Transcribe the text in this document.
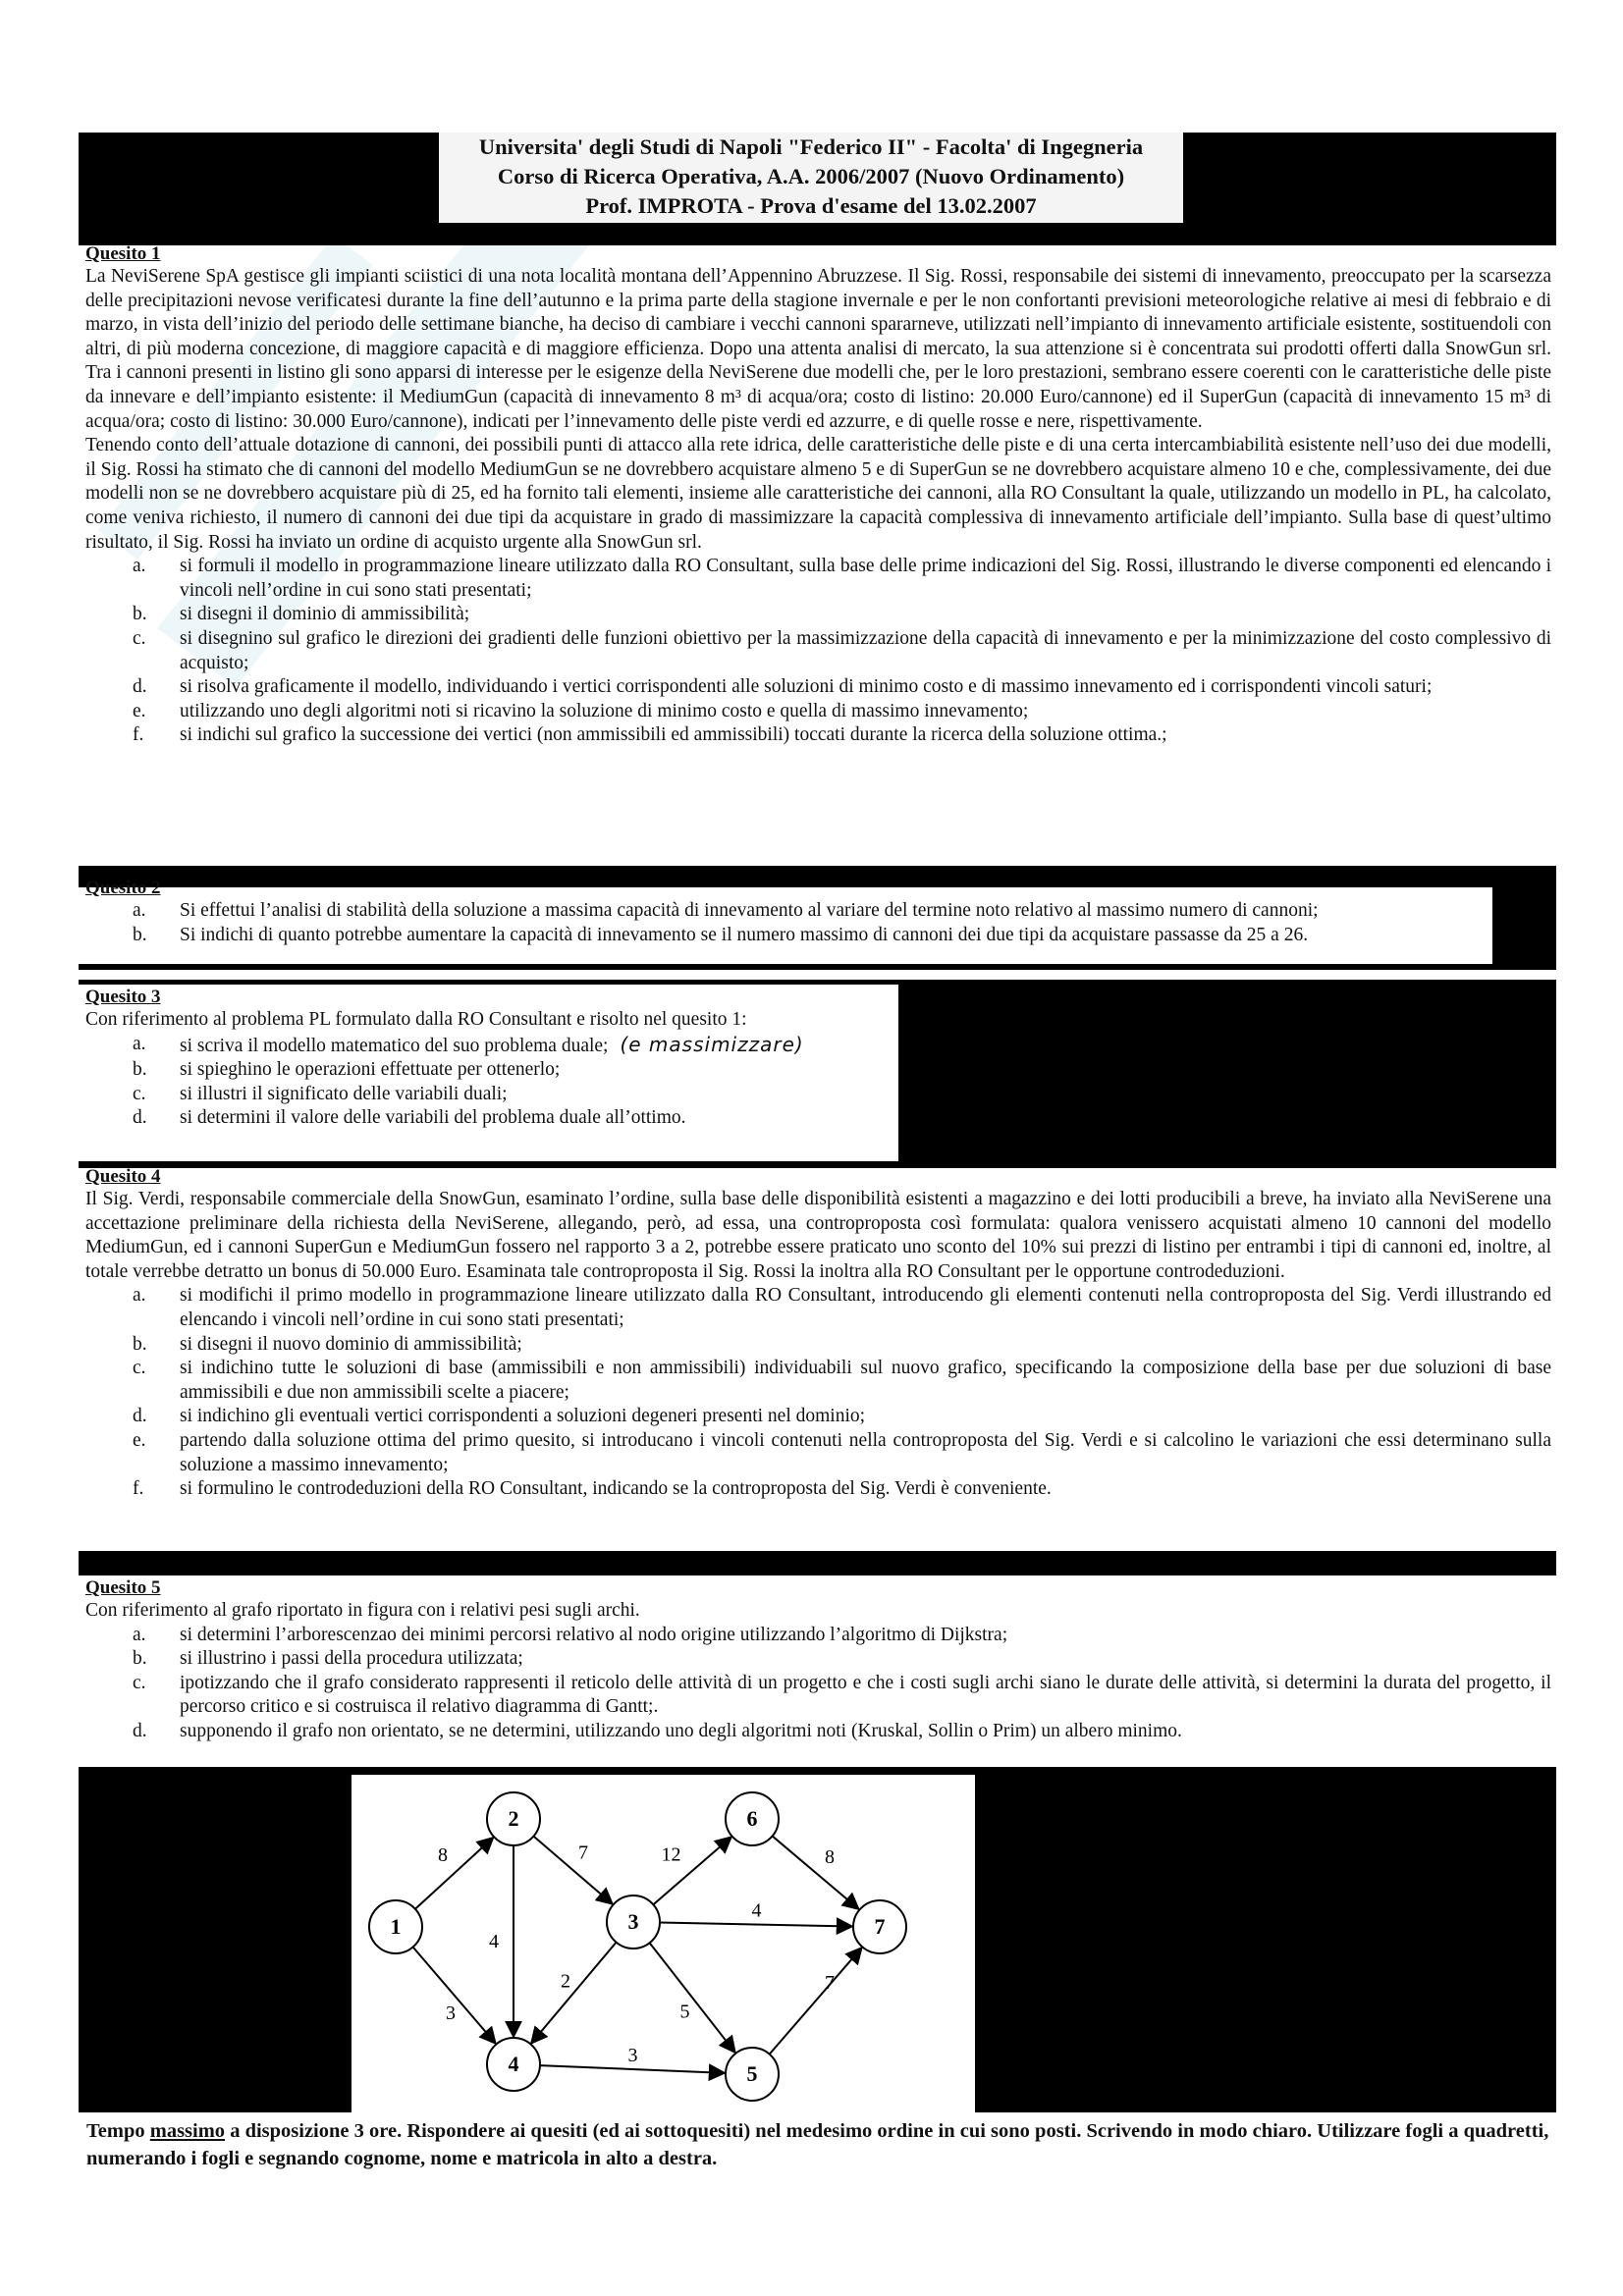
Universita' degli Studi di Napoli "Federico II" - Facolta' di Ingegneria
Corso di Ricerca Operativa, A.A. 2006/2007 (Nuovo Ordinamento)
Prof. IMPROTA - Prova d'esame del 13.02.2007
Quesito 1

La NeviSerene SpA gestisce gli impianti sciistici di una nota località montana dell’Appennino Abruzzese. Il Sig. Rossi, responsabile dei sistemi di innevamento, preoccupato per la scarsezza delle precipitazioni nevose verificatesi durante la fine dell’autunno e la prima parte della stagione invernale e per le non confortanti previsioni meteorologiche relative ai mesi di febbraio e di marzo, in vista dell’inizio del periodo delle settimane bianche, ha deciso di cambiare i vecchi cannoni spararneve, utilizzati nell’impianto di innevamento artificiale esistente, sostituendoli con altri, di più moderna concezione, di maggiore capacità e di maggiore efficienza. Dopo una attenta analisi di mercato, la sua attenzione si è concentrata sui prodotti offerti dalla SnowGun srl. Tra i cannoni presenti in listino gli sono apparsi di interesse per le esigenze della NeviSerene due modelli che, per le loro prestazioni, sembrano essere coerenti con le caratteristiche delle piste da innevare e dell’impianto esistente: il MediumGun (capacità di innevamento 8 m³ di acqua/ora; costo di listino: 20.000 Euro/cannone) ed il SuperGun (capacità di innevamento 15 m³ di acqua/ora; costo di listino: 30.000 Euro/cannone), indicati per l’innevamento delle piste verdi ed azzurre, e di quelle rosse e nere, rispettivamente.

Tenendo conto dell’attuale dotazione di cannoni, dei possibili punti di attacco alla rete idrica, delle caratteristiche delle piste e di una certa intercambiabilità esistente nell’uso dei due modelli, il Sig. Rossi ha stimato che di cannoni del modello MediumGun se ne dovrebbero acquistare almeno 5 e di SuperGun se ne dovrebbero acquistare almeno 10 e che, complessivamente, dei due modelli non se ne dovrebbero acquistare più di 25, ed ha fornito tali elementi, insieme alle caratteristiche dei cannoni, alla RO Consultant la quale, utilizzando un modello in PL, ha calcolato, come veniva richiesto, il numero di cannoni dei due tipi da acquistare in grado di massimizzare la capacità complessiva di innevamento artificiale dell’impianto. Sulla base di quest’ultimo risultato, il Sig. Rossi ha inviato un ordine di acquisto urgente alla SnowGun srl.

a. si formuli il modello in programmazione lineare utilizzato dalla RO Consultant, sulla base delle prime indicazioni del Sig. Rossi, illustrando le diverse componenti ed elencando i vincoli nell’ordine in cui sono stati presentati;
b. si disegni il dominio di ammissibilità;
c. si disegnino sul grafico le direzioni dei gradienti delle funzioni obiettivo per la massimizzazione della capacità di innevamento e per la minimizzazione del costo complessivo di acquisto;
d. si risolva graficamente il modello, individuando i vertici corrispondenti alle soluzioni di minimo costo e di massimo innevamento ed i corrispondenti vincoli saturi;
e. utilizzando uno degli algoritmi noti si ricavino la soluzione di minimo costo e quella di massimo innevamento;
f. si indichi sul grafico la successione dei vertici (non ammissibili ed ammissibili) toccati durante la ricerca della soluzione ottima.;
Quesito 2
a. Si effettui l’analisi di stabilità della soluzione a massima capacità di innevamento al variare del termine noto relativo al massimo numero di cannoni;
b. Si indichi di quanto potrebbe aumentare la capacità di innevamento se il numero massimo di cannoni dei due tipi da acquistare passasse da 25 a 26.
Quesito 3

Con riferimento al problema PL formulato dalla RO Consultant e risolto nel quesito 1:

a. si scriva il modello matematico del suo problema duale; (e massimizzare)
b. si spieghino le operazioni effettuate per ottenerlo;
c. si illustri il significato delle variabili duali;
d. si determini il valore delle variabili del problema duale all’ottimo.
Quesito 4

Il Sig. Verdi, responsabile commerciale della SnowGun, esaminato l’ordine, sulla base delle disponibilità esistenti a magazzino e dei lotti producibili a breve, ha inviato alla NeviSerene una accettazione preliminare della richiesta della NeviSerene, allegando, però, ad essa, una controproposta così formulata: qualora venissero acquistati almeno 10 cannoni del modello MediumGun, ed i cannoni SuperGun e MediumGun fossero nel rapporto 3 a 2, potrebbe essere praticato uno sconto del 10% sui prezzi di listino per entrambi i tipi di cannoni ed, inoltre, al totale verrebbe detratto un bonus di 50.000 Euro. Esaminata tale controproposta il Sig. Rossi la inoltra alla RO Consultant per le opportune controdeduzioni.

a. si modifichi il primo modello in programmazione lineare utilizzato dalla RO Consultant, introducendo gli elementi contenuti nella controproposta del Sig. Verdi illustrando ed elencando i vincoli nell’ordine in cui sono stati presentati;
b. si disegni il nuovo dominio di ammissibilità;
c. si indichino tutte le soluzioni di base (ammissibili e non ammissibili) individuabili sul nuovo grafico, specificando la composizione della base per due soluzioni di base ammissibili e due non ammissibili scelte a piacere;
d. si indichino gli eventuali vertici corrispondenti a soluzioni degeneri presenti nel dominio;
e. partendo dalla soluzione ottima del primo quesito, si introducano i vincoli contenuti nella controproposta del Sig. Verdi e si calcolino le variazioni che essi determinano sulla soluzione a massimo innevamento;
f. si formulino le controdeduzioni della RO Consultant, indicando se la controproposta del Sig. Verdi è conveniente.
Quesito 5

Con riferimento al grafo riportato in figura con i relativi pesi sugli archi.

a. si determini l’arborescenzao dei minimi percorsi relativo al nodo origine utilizzando l’algoritmo di Dijkstra;
b. si illustrino i passi della procedura utilizzata;
c. ipotizzando che il grafo considerato rappresenti il reticolo delle attività di un progetto e che i costi sugli archi siano le durate delle attività, si determini la durata del progetto, il percorso critico e si costruisca il relativo diagramma di Gantt;.
d. supponendo il grafo non orientato, se ne determini, utilizzando uno degli algoritmi noti (Kruskal, Sollin o Prim) un albero minimo.
8
3
4
7
2
12
4
5
3
8
7
1
2
3
4	5
6
7
Tempo massimo a disposizione 3 ore. Rispondere ai quesiti (ed ai sottoquesiti) nel medesimo ordine in cui sono posti. Scrivendo in modo chiaro. Utilizzare fogli a quadretti, numerando i fogli e segnando cognome, nome e matricola in alto a destra.
